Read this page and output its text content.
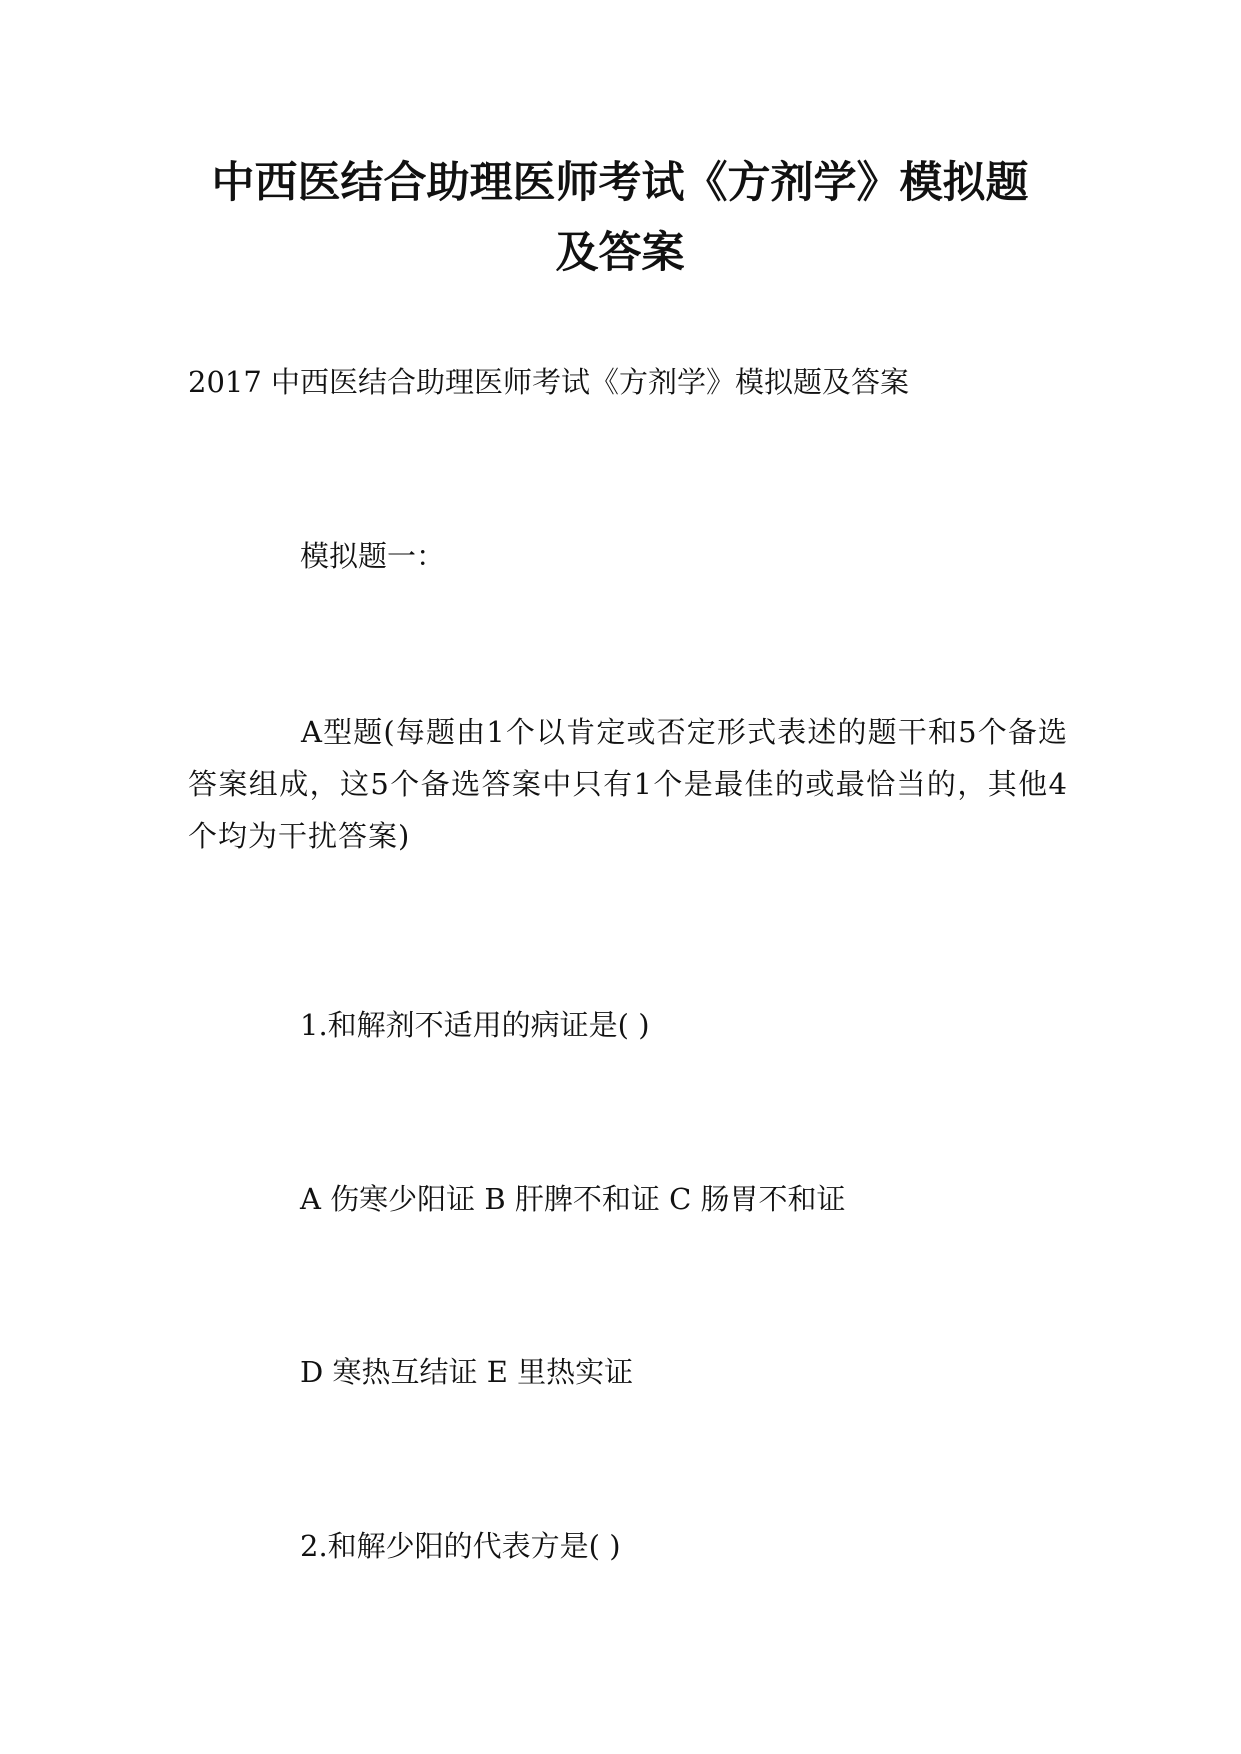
中西医结合助理医师考试《方剂学》模拟题
及答案

2017 中西医结合助理医师考试《方剂学》模拟题及答案

模拟题一：

A型题(每题由1个以肯定或否定形式表述的题干和5个备选答案组成，这5个备选答案中只有1个是最佳的或最恰当的，其他4个均为干扰答案)

1.和解剂不适用的病证是( )

A 伤寒少阳证 B 肝脾不和证 C 肠胃不和证

D 寒热互结证 E 里热实证

2.和解少阳的代表方是( )
